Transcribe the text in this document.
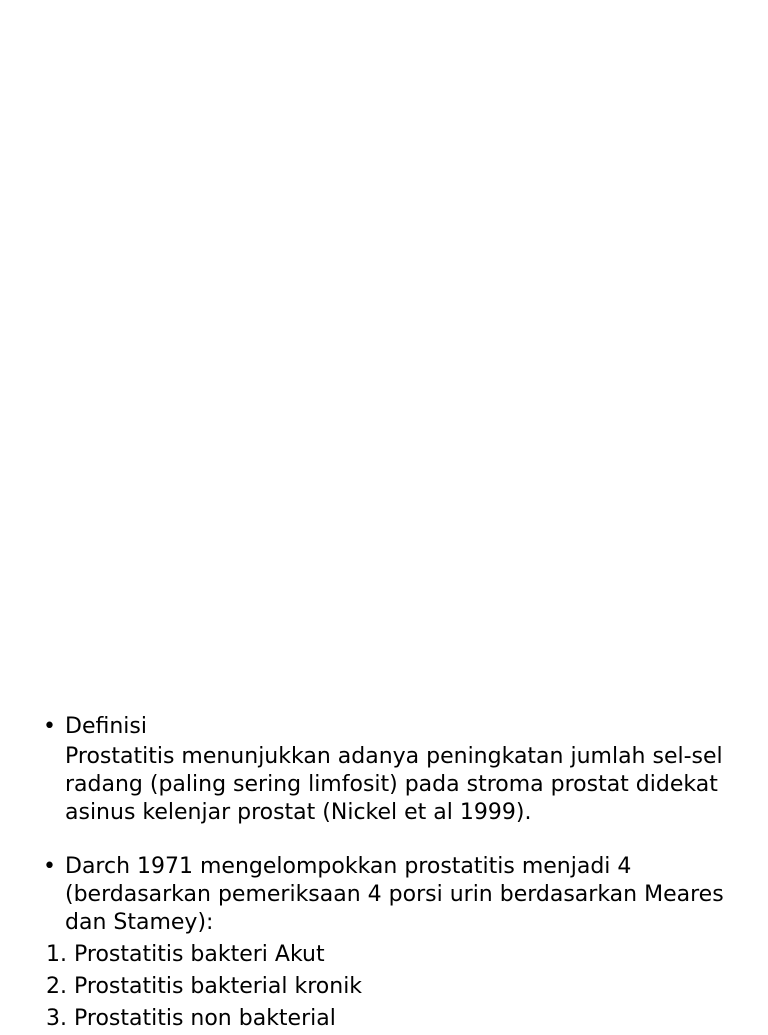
• Definisi
Prostatitis menunjukkan adanya peningkatan jumlah sel-sel radang (paling sering limfosit) pada stroma prostat didekat asinus kelenjar prostat (Nickel et al 1999).
• Darch 1971 mengelompokkan prostatitis menjadi 4 (berdasarkan pemeriksaan 4 porsi urin berdasarkan Meares dan Stamey):
1. Prostatitis bakteri Akut
2. Prostatitis bakterial kronik
3. Prostatitis non bakterial
